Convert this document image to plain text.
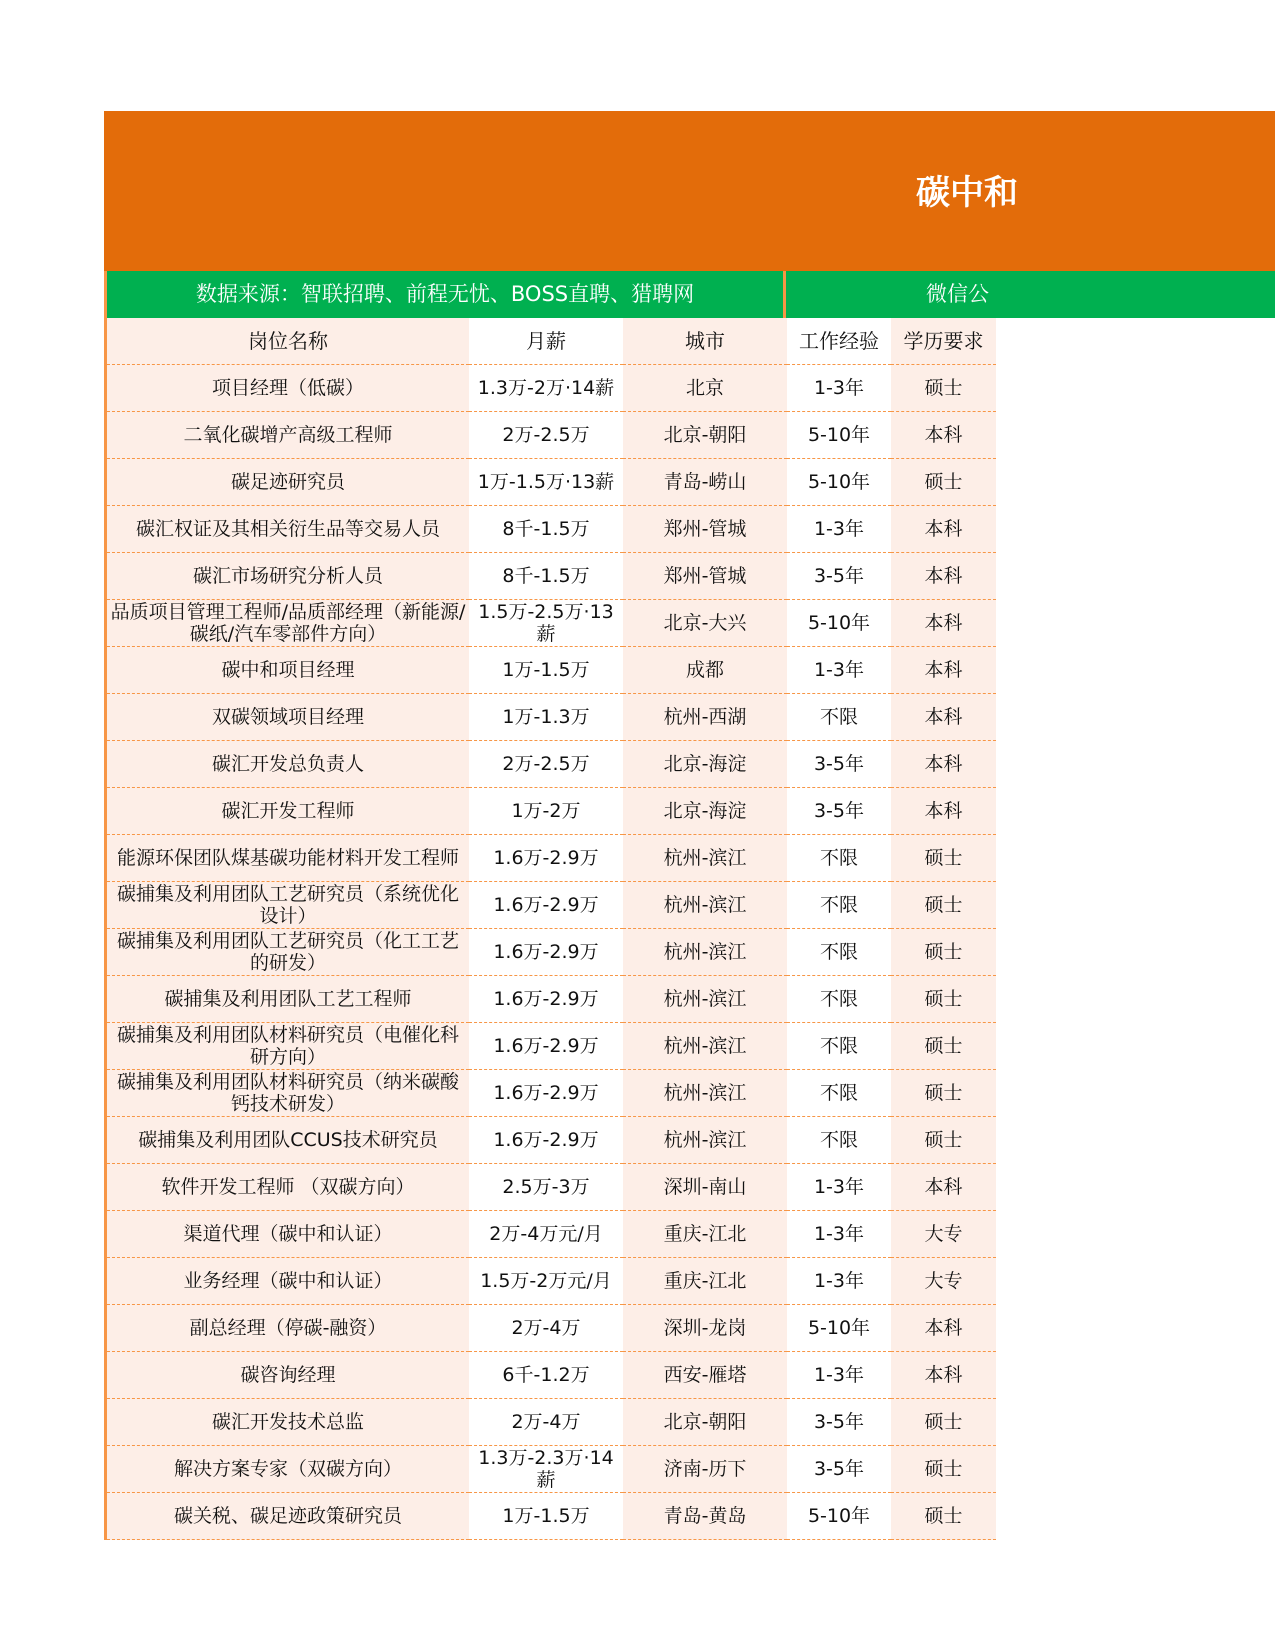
碳中和
数据来源：智联招聘、前程无忧、BOSS直聘、猎聘网	微信公
岗位名称	月薪	城市	工作经验	学历要求
项目经理（低碳）	1.3万-2万·14薪	北京	1-3年	硕士
二氧化碳增产高级工程师	2万-2.5万	北京-朝阳	5-10年	本科
碳足迹研究员	1万-1.5万·13薪	青岛-崂山	5-10年	硕士
碳汇权证及其相关衍生品等交易人员	8千-1.5万	郑州-管城	1-3年	本科
碳汇市场研究分析人员	8千-1.5万	郑州-管城	3-5年	本科
品质项目管理工程师/品质部经理（新能源/碳纸/汽车零部件方向）	1.5万-2.5万·13薪	北京-大兴	5-10年	本科
碳中和项目经理	1万-1.5万	成都	1-3年	本科
双碳领域项目经理	1万-1.3万	杭州-西湖	不限	本科
碳汇开发总负责人	2万-2.5万	北京-海淀	3-5年	本科
碳汇开发工程师	1万-2万	北京-海淀	3-5年	本科
能源环保团队煤基碳功能材料开发工程师	1.6万-2.9万	杭州-滨江	不限	硕士
碳捕集及利用团队工艺研究员（系统优化设计）	1.6万-2.9万	杭州-滨江	不限	硕士
碳捕集及利用团队工艺研究员（化工工艺的研发）	1.6万-2.9万	杭州-滨江	不限	硕士
碳捕集及利用团队工艺工程师	1.6万-2.9万	杭州-滨江	不限	硕士
碳捕集及利用团队材料研究员（电催化科研方向）	1.6万-2.9万	杭州-滨江	不限	硕士
碳捕集及利用团队材料研究员（纳米碳酸钙技术研发）	1.6万-2.9万	杭州-滨江	不限	硕士
碳捕集及利用团队CCUS技术研究员	1.6万-2.9万	杭州-滨江	不限	硕士
软件开发工程师 （双碳方向）	2.5万-3万	深圳-南山	1-3年	本科
渠道代理（碳中和认证）	2万-4万元/月	重庆-江北	1-3年	大专
业务经理（碳中和认证）	1.5万-2万元/月	重庆-江北	1-3年	大专
副总经理（停碳-融资）	2万-4万	深圳-龙岗	5-10年	本科
碳咨询经理	6千-1.2万	西安-雁塔	1-3年	本科
碳汇开发技术总监	2万-4万	北京-朝阳	3-5年	硕士
解决方案专家（双碳方向）	1.3万-2.3万·14薪	济南-历下	3-5年	硕士
碳关税、碳足迹政策研究员	1万-1.5万	青岛-黄岛	5-10年	硕士
